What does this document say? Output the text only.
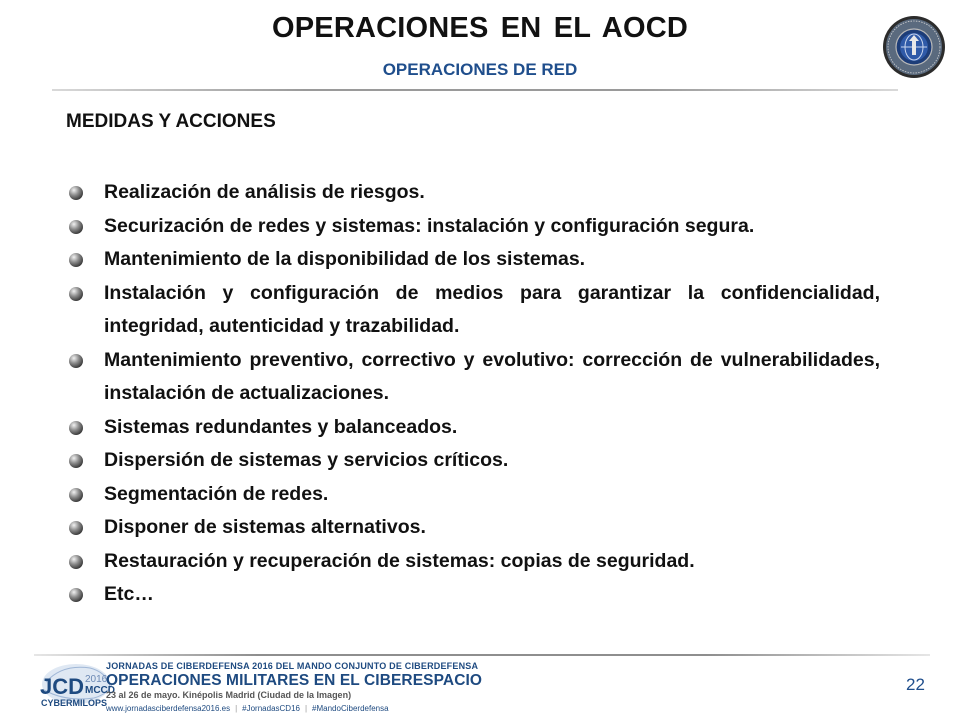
OPERACIONES EN EL AOCD
OPERACIONES DE RED
MEDIDAS Y ACCIONES
Realización de análisis de riesgos.
Securización de redes y sistemas: instalación y configuración segura.
Mantenimiento de la disponibilidad de los sistemas.
Instalación y configuración de medios para garantizar la confidencialidad, integridad, autenticidad y trazabilidad.
Mantenimiento preventivo, correctivo y evolutivo: corrección de vulnerabilidades, instalación de actualizaciones.
Sistemas redundantes y balanceados.
Dispersión de sistemas y servicios críticos.
Segmentación de redes.
Disponer de sistemas alternativos.
Restauración y recuperación de sistemas: copias de seguridad.
Etc…
JCD 2016
MCCD
CYBERMILOPS
JORNADAS DE CIBERDEFENSA 2016 DEL MANDO CONJUNTO DE CIBERDEFENSA
OPERACIONES MILITARES EN EL CIBERESPACIO
23 al 26 de mayo. Kinépolis Madrid (Ciudad de la Imagen)
www.jornadasciberdefensa2016.es | #JornadasCD16 | #MandoCiberdefensa
22
